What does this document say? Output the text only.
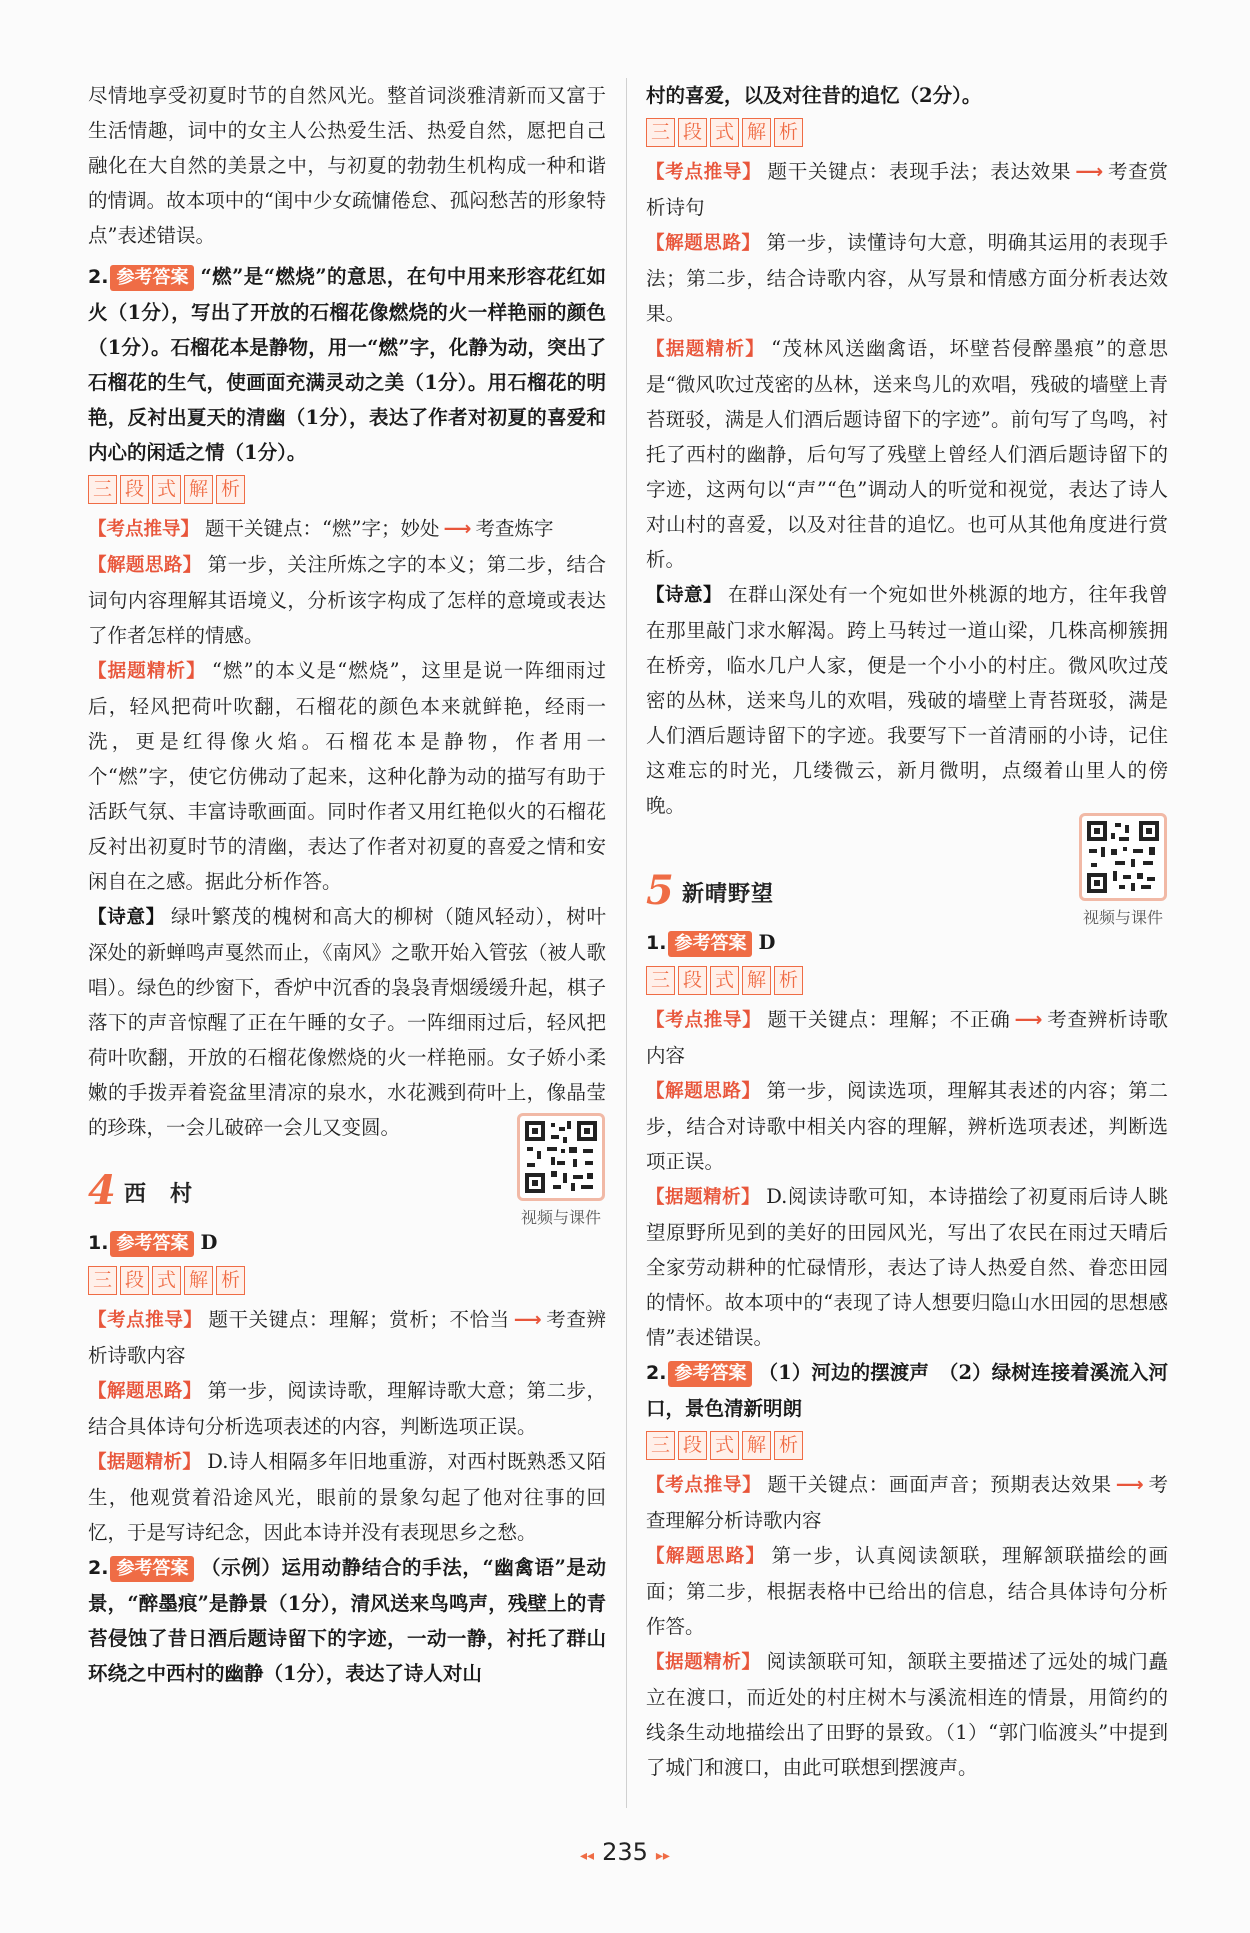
尽情地享受初夏时节的自然风光。整首词淡雅清新而又富于生活情趣，词中的女主人公热爱生活、热爱自然，愿把自己融化在大自然的美景之中，与初夏的勃勃生机构成一种和谐的情调。故本项中的“闺中少女疏慵倦怠、孤闷愁苦的形象特点”表述错误。

2. 参考答案 “燃”是“燃烧”的意思，在句中用来形容花红如火（1分），写出了开放的石榴花像燃烧的火一样艳丽的颜色（1分）。石榴花本是静物，用一“燃”字，化静为动，突出了石榴花的生气，使画面充满灵动之美（1分）。用石榴花的明艳，反衬出夏天的清幽（1分），表达了作者对初夏的喜爱和内心的闲适之情（1分）。

三 段 式 解 析

【考点推导】 题干关键点：“燃”字；妙处 ⟶ 考查炼字

【解题思路】 第一步，关注所炼之字的本义；第二步，结合词句内容理解其语境义，分析该字构成了怎样的意境或表达了作者怎样的情感。

【据题精析】 “燃”的本义是“燃烧”，这里是说一阵细雨过后，轻风把荷叶吹翻，石榴花的颜色本来就鲜艳，经雨一洗，更是红得像火焰。石榴花本是静物，作者用一个“燃”字，使它仿佛动了起来，这种化静为动的描写有助于活跃气氛、丰富诗歌画面。同时作者又用红艳似火的石榴花反衬出初夏时节的清幽，表达了作者对初夏的喜爱之情和安闲自在之感。据此分析作答。

【诗意】 绿叶繁茂的槐树和高大的柳树（随风轻动），树叶深处的新蝉鸣声戛然而止，《南风》之歌开始入管弦（被人歌唱）。绿色的纱窗下，香炉中沉香的袅袅青烟缓缓升起，棋子落下的声音惊醒了正在午睡的女子。一阵细雨过后，轻风把荷叶吹翻，开放的石榴花像燃烧的火一样艳丽。女子娇小柔嫩的手拨弄着瓷盆里清凉的泉水，水花溅到荷叶上，像晶莹的珍珠，一会儿破碎一会儿又变圆。

4 西　村
视频与课件

1. 参考答案 D

三 段 式 解 析

【考点推导】 题干关键点：理解；赏析；不恰当 ⟶ 考查辨析诗歌内容

【解题思路】 第一步，阅读诗歌，理解诗歌大意；第二步，结合具体诗句分析选项表述的内容，判断选项正误。

【据题精析】 D.诗人相隔多年旧地重游，对西村既熟悉又陌生，他观赏着沿途风光，眼前的景象勾起了他对往事的回忆，于是写诗纪念，因此本诗并没有表现思乡之愁。

2. 参考答案 （示例）运用动静结合的手法，“幽禽语”是动景，“醉墨痕”是静景（1分），清风送来鸟鸣声，残壁上的青苔侵蚀了昔日酒后题诗留下的字迹，一动一静，衬托了群山环绕之中西村的幽静（1分），表达了诗人对山

村的喜爱，以及对往昔的追忆（2分）。

三 段 式 解 析

【考点推导】 题干关键点：表现手法；表达效果 ⟶ 考查赏析诗句

【解题思路】 第一步，读懂诗句大意，明确其运用的表现手法；第二步，结合诗歌内容，从写景和情感方面分析表达效果。

【据题精析】 “茂林风送幽禽语，坏壁苔侵醉墨痕”的意思是“微风吹过茂密的丛林，送来鸟儿的欢唱，残破的墙壁上青苔斑驳，满是人们酒后题诗留下的字迹”。前句写了鸟鸣，衬托了西村的幽静，后句写了残壁上曾经人们酒后题诗留下的字迹，这两句以“声”“色”调动人的听觉和视觉，表达了诗人对山村的喜爱，以及对往昔的追忆。也可从其他角度进行赏析。

【诗意】 在群山深处有一个宛如世外桃源的地方，往年我曾在那里敲门求水解渴。跨上马转过一道山梁，几株高柳簇拥在桥旁，临水几户人家，便是一个小小的村庄。微风吹过茂密的丛林，送来鸟儿的欢唱，残破的墙壁上青苔斑驳，满是人们酒后题诗留下的字迹。我要写下一首清丽的小诗，记住这难忘的时光，几缕微云，新月微明，点缀着山里人的傍晚。

5 新晴野望
视频与课件

1. 参考答案 D

三 段 式 解 析

【考点推导】 题干关键点：理解；不正确 ⟶ 考查辨析诗歌内容

【解题思路】 第一步，阅读选项，理解其表述的内容；第二步，结合对诗歌中相关内容的理解，辨析选项表述，判断选项正误。

【据题精析】 D.阅读诗歌可知，本诗描绘了初夏雨后诗人眺望原野所见到的美好的田园风光，写出了农民在雨过天晴后全家劳动耕种的忙碌情形，表达了诗人热爱自然、眷恋田园的情怀。故本项中的“表现了诗人想要归隐山水田园的思想感情”表述错误。

2. 参考答案 （1）河边的摆渡声　（2）绿树连接着溪流入河口，景色清新明朗

三 段 式 解 析

【考点推导】 题干关键点：画面声音；预期表达效果 ⟶ 考查理解分析诗歌内容

【解题思路】 第一步，认真阅读颔联，理解颔联描绘的画面；第二步，根据表格中已给出的信息，结合具体诗句分析作答。

【据题精析】 阅读颔联可知，颔联主要描述了远处的城门矗立在渡口，而近处的村庄树木与溪流相连的情景，用简约的线条生动地描绘出了田野的景致。（1）“郭门临渡头”中提到了城门和渡口，由此可联想到摆渡声。

◂◂ 235 ▸▸
